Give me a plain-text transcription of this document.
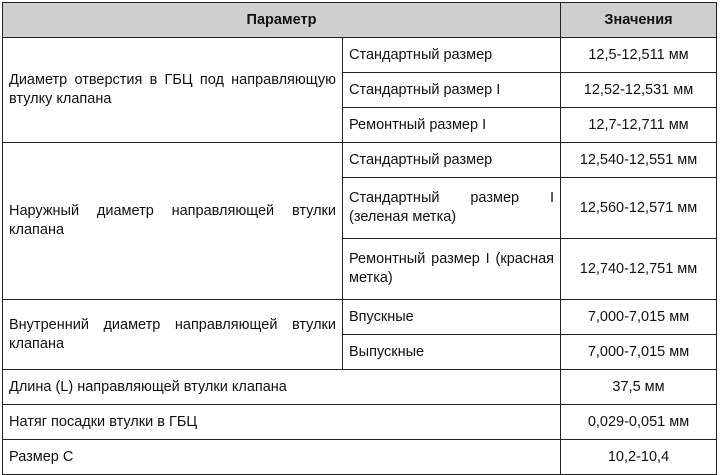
Параметр		Значения
Диаметр отверстия в ГБЦ под направляющую втулку клапана	Стандартный размер	12,5-12,511 мм
	Стандартный размер I	12,52-12,531 мм
	Ремонтный размер I	12,7-12,711 мм
Наружный диаметр направляющей втулки клапана	Стандартный размер	12,540-12,551 мм
	Стандартный размер I (зеленая метка)	12,560-12,571 мм
	Ремонтный размер I (красная метка)	12,740-12,751 мм
Внутренний диаметр направляющей втулки клапана	Впускные	7,000-7,015 мм
	Выпускные	7,000-7,015 мм
Длина (L) направляющей втулки клапана		37,5 мм
Натяг посадки втулки в ГБЦ		0,029-0,051 мм
Размер С		10,2-10,4
